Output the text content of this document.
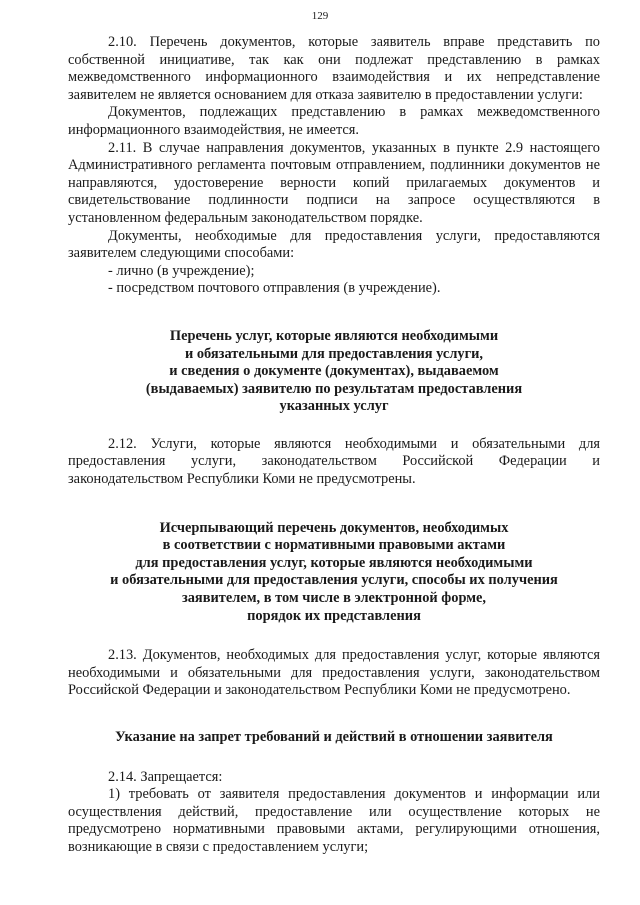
129

2.10. Перечень документов, которые заявитель вправе представить по собственной инициативе, так как они подлежат представлению в рамках межведомственного информационного взаимодействия и их непредставление заявителем не является основанием для отказа заявителю в предоставлении услуги:

Документов, подлежащих представлению в рамках межведомственного информационного взаимодействия, не имеется.

2.11. В случае направления документов, указанных в пункте 2.9 настоящего Административного регламента почтовым отправлением, подлинники документов не направляются, удостоверение верности копий прилагаемых документов и свидетельствование подлинности подписи на запросе осуществляются в установленном федеральным законодательством порядке.

Документы, необходимые для предоставления услуги, предоставляются заявителем следующими способами:

- лично (в учреждение);

- посредством почтового отправления (в учреждение).

Перечень услуг, которые являются необходимыми
и обязательными для предоставления услуги,
и сведения о документе (документах), выдаваемом
(выдаваемых) заявителю по результатам предоставления
указанных услуг

2.12. Услуги, которые являются необходимыми и обязательными для предоставления услуги, законодательством Российской Федерации и законодательством Республики Коми не предусмотрены.

Исчерпывающий перечень документов, необходимых
в соответствии с нормативными правовыми актами
для предоставления услуг, которые являются необходимыми
и обязательными для предоставления услуги, способы их получения
заявителем, в том числе в электронной форме,
порядок их представления

2.13. Документов, необходимых для предоставления услуг, которые являются необходимыми и обязательными для предоставления услуги, законодательством Российской Федерации и законодательством Республики Коми не предусмотрено.

Указание на запрет требований и действий в отношении заявителя

2.14. Запрещается:

1) требовать от заявителя предоставления документов и информации или осуществления действий, предоставление или осуществление которых не предусмотрено нормативными правовыми актами, регулирующими отношения, возникающие в связи с предоставлением услуги;
